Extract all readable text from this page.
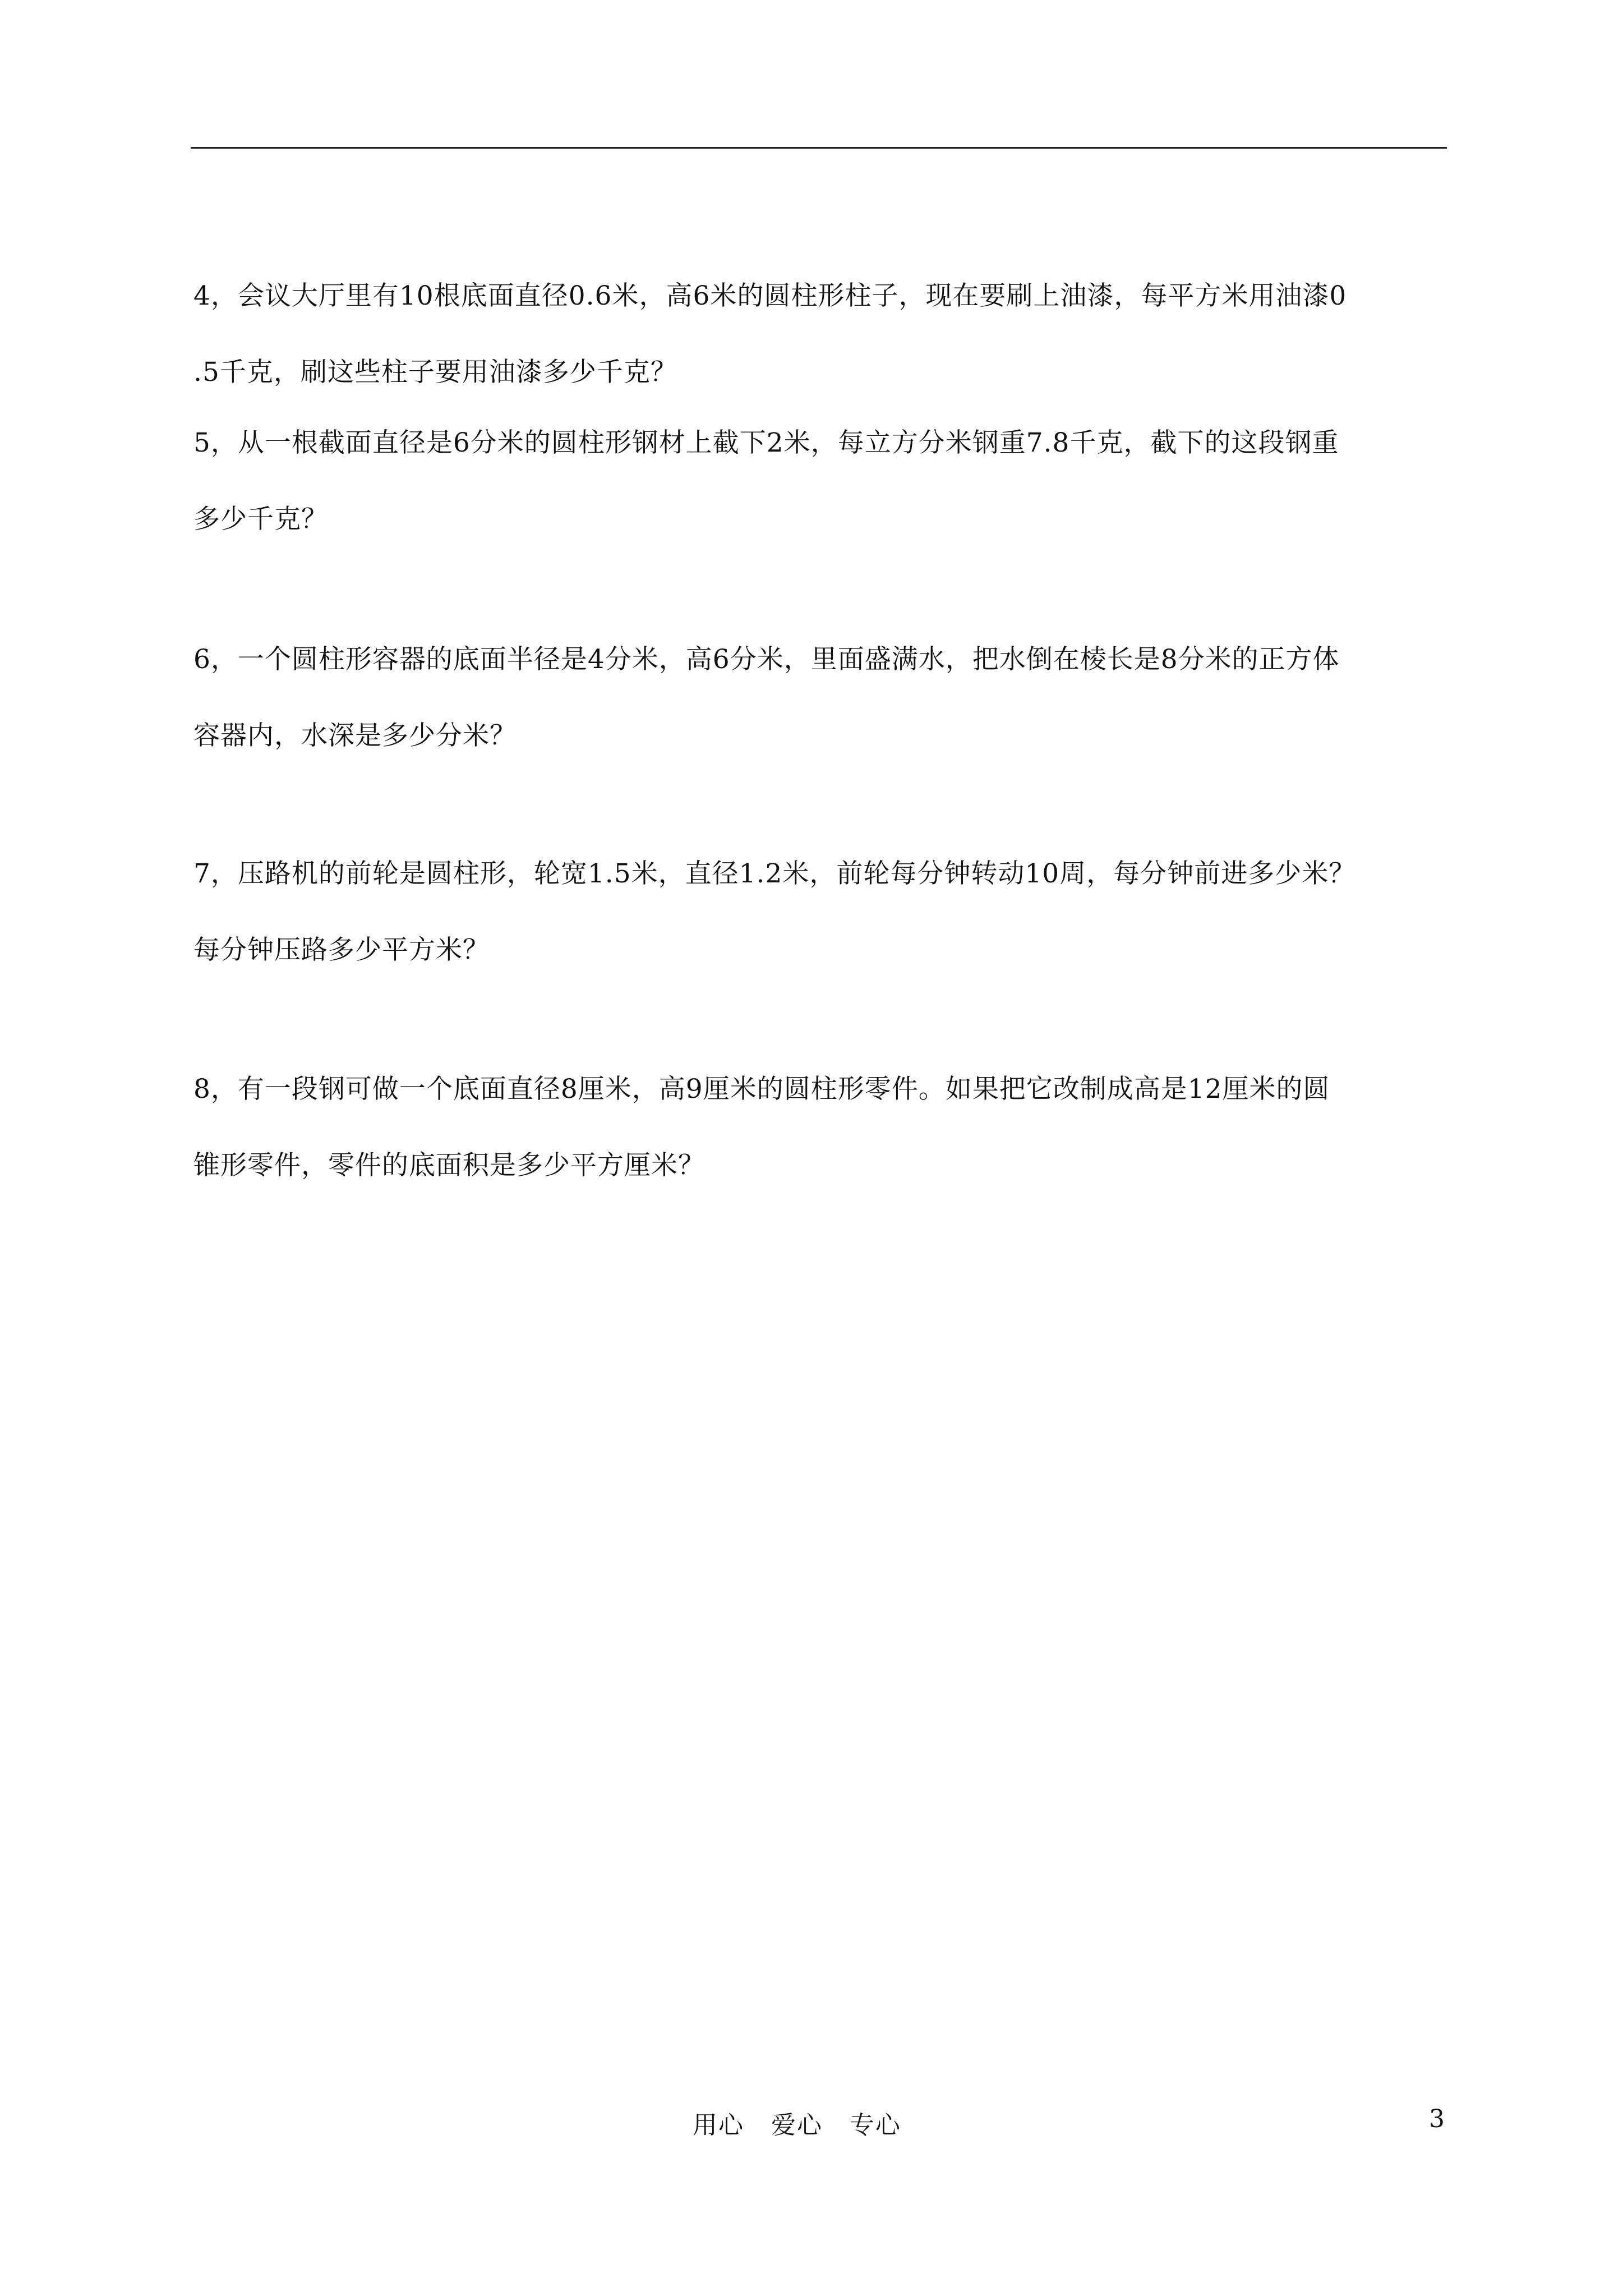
4，会议大厅里有10根底面直径0.6米，高6米的圆柱形柱子，现在要刷上油漆，每平方米用油漆0
.5千克，刷这些柱子要用油漆多少千克？
5，从一根截面直径是6分米的圆柱形钢材上截下2米，每立方分米钢重7.8千克，截下的这段钢重
多少千克？
6，一个圆柱形容器的底面半径是4分米，高6分米，里面盛满水，把水倒在棱长是8分米的正方体
容器内，水深是多少分米？
7，压路机的前轮是圆柱形，轮宽1.5米，直径1.2米，前轮每分钟转动10周，每分钟前进多少米？
每分钟压路多少平方米？
8，有一段钢可做一个底面直径8厘米，高9厘米的圆柱形零件。如果把它改制成高是12厘米的圆
锥形零件，零件的底面积是多少平方厘米？
用心   爱心   专心	3
